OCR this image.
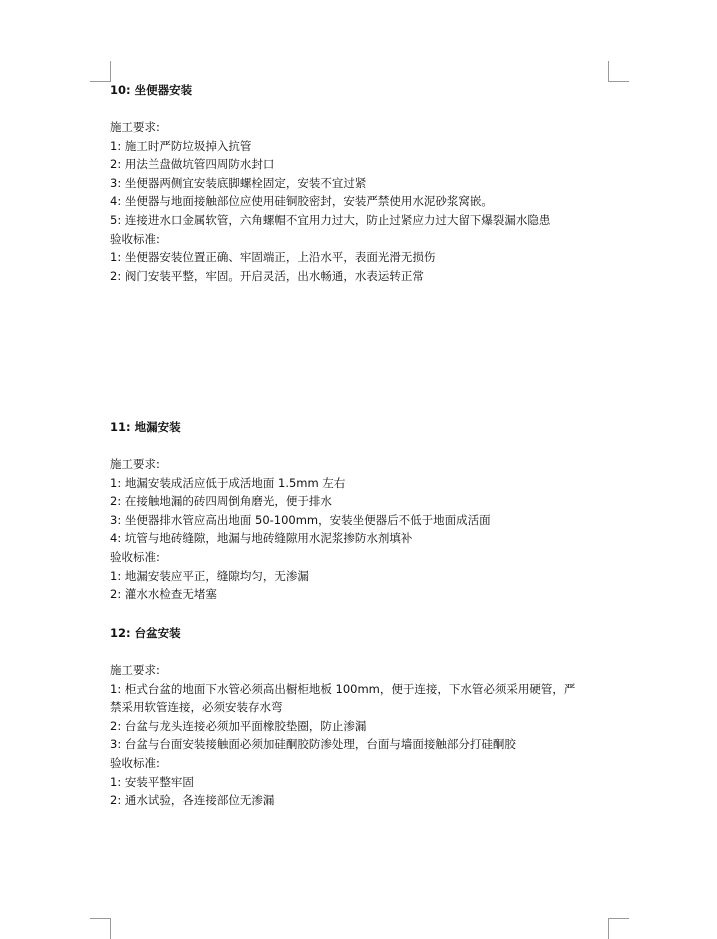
10: 坐便器安装
施工要求:
1: 施工时严防垃圾掉入抗管
2: 用法兰盘做坑管四周防水封口
3: 坐便器两侧宜安装底脚螺栓固定，安装不宜过紧
4: 坐便器与地面接触部位应使用硅铜胶密封，安装严禁使用水泥砂浆窝嵌。
5: 连接进水口金属软管，六角螺帽不宜用力过大，防止过紧应力过大留下爆裂漏水隐患
验收标准:
1: 坐便器安装位置正确、牢固端正，上沿水平，表面光滑无损伤
2: 阀门安装平整，牢固。开启灵活，出水畅通，水表运转正常
11: 地漏安装
施工要求:
1: 地漏安装成活应低于成活地面 1.5mm 左右
2: 在接触地漏的砖四周倒角磨光，便于排水
3: 坐便器排水管应高出地面 50-100mm，安装坐便器后不低于地面成活面
4: 坑管与地砖缝隙，地漏与地砖缝隙用水泥浆掺防水剂填补
验收标准:
1: 地漏安装应平正，缝隙均匀，无渗漏
2: 灌水水检查无堵塞
12: 台盆安装
施工要求:
1: 柜式台盆的地面下水管必须高出橱柜地板 100mm，便于连接，下水管必须采用硬管，严
禁采用软管连接，必须安装存水弯
2: 台盆与龙头连接必须加平面橡胶垫圈，防止渗漏
3: 台盆与台面安装接触面必须加硅酮胶防渗处理，台面与墙面接触部分打硅酮胶
验收标准:
1: 安装平整牢固
2: 通水试验，各连接部位无渗漏
